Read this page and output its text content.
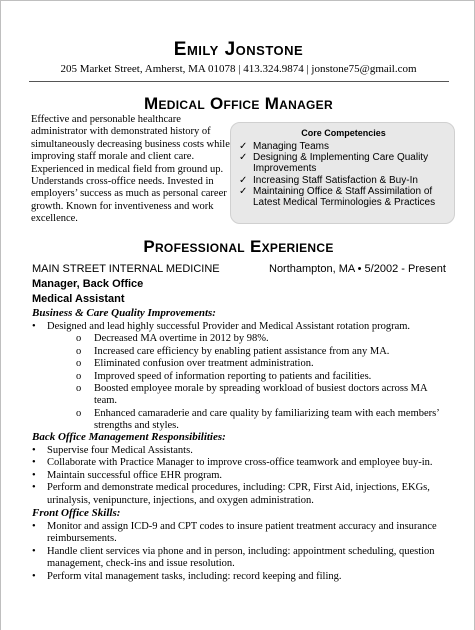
Emily Jonstone
205 Market Street, Amherst, MA 01078 | 413.324.9874 | jonstone75@gmail.com
Medical Office Manager
Effective and personable healthcare administrator with demonstrated history of simultaneously decreasing business costs while improving staff morale and client care. Experienced in medical field from ground up. Understands cross-office needs. Invested in employers’ success as much as personal career growth. Known for inventiveness and work excellence.
Core Competencies
✓ Managing Teams
✓ Designing & Implementing Care Quality Improvements
✓ Increasing Staff Satisfaction & Buy-In
✓ Maintaining Office & Staff Assimilation of Latest Medical Terminologies & Practices
Professional Experience
MAIN STREET INTERNAL MEDICINE	Northampton, MA • 5/2002 - Present
Manager, Back Office
Medical Assistant
Business & Care Quality Improvements:
• Designed and lead highly successful Provider and Medical Assistant rotation program.
o Decreased MA overtime in 2012 by 98%.
o Increased care efficiency by enabling patient assistance from any MA.
o Eliminated confusion over treatment administration.
o Improved speed of information reporting to patients and facilities.
o Boosted employee morale by spreading workload of busiest doctors across MA team.
o Enhanced camaraderie and care quality by familiarizing team with each members’ strengths and styles.
Back Office Management Responsibilities:
• Supervise four Medical Assistants.
• Collaborate with Practice Manager to improve cross-office teamwork and employee buy-in.
• Maintain successful office EHR program.
• Perform and demonstrate medical procedures, including: CPR, First Aid, injections, EKGs, urinalysis, venipuncture, injections, and oxygen administration.
Front Office Skills:
• Monitor and assign ICD-9 and CPT codes to insure patient treatment accuracy and insurance reimbursements.
• Handle client services via phone and in person, including: appointment scheduling, question management, check-ins and issue resolution.
• Perform vital management tasks, including: record keeping and filing.
